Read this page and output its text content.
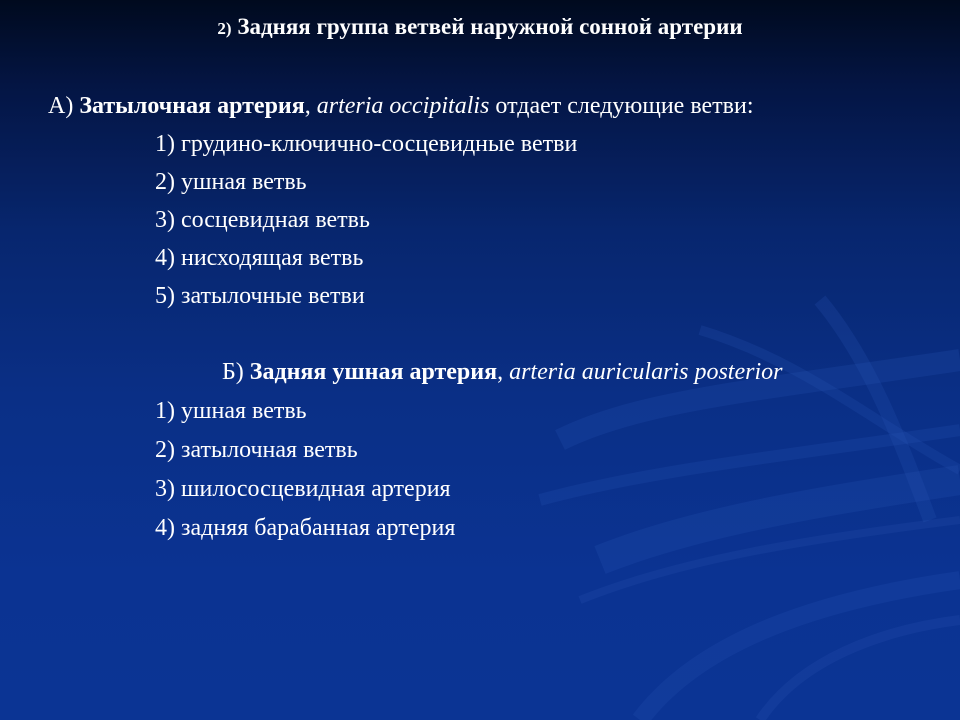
2) Задняя группа ветвей наружной сонной артерии
А) Затылочная артерия, arteria occipitalis отдает следующие ветви:
1) грудино-ключично-сосцевидные ветви
2) ушная ветвь
3) сосцевидная ветвь
4) нисходящая ветвь
5) затылочные ветви
Б) Задняя ушная артерия, arteria auricularis posterior
1) ушная ветвь
2) затылочная ветвь
3) шилососцевидная артерия
4) задняя барабанная артерия
